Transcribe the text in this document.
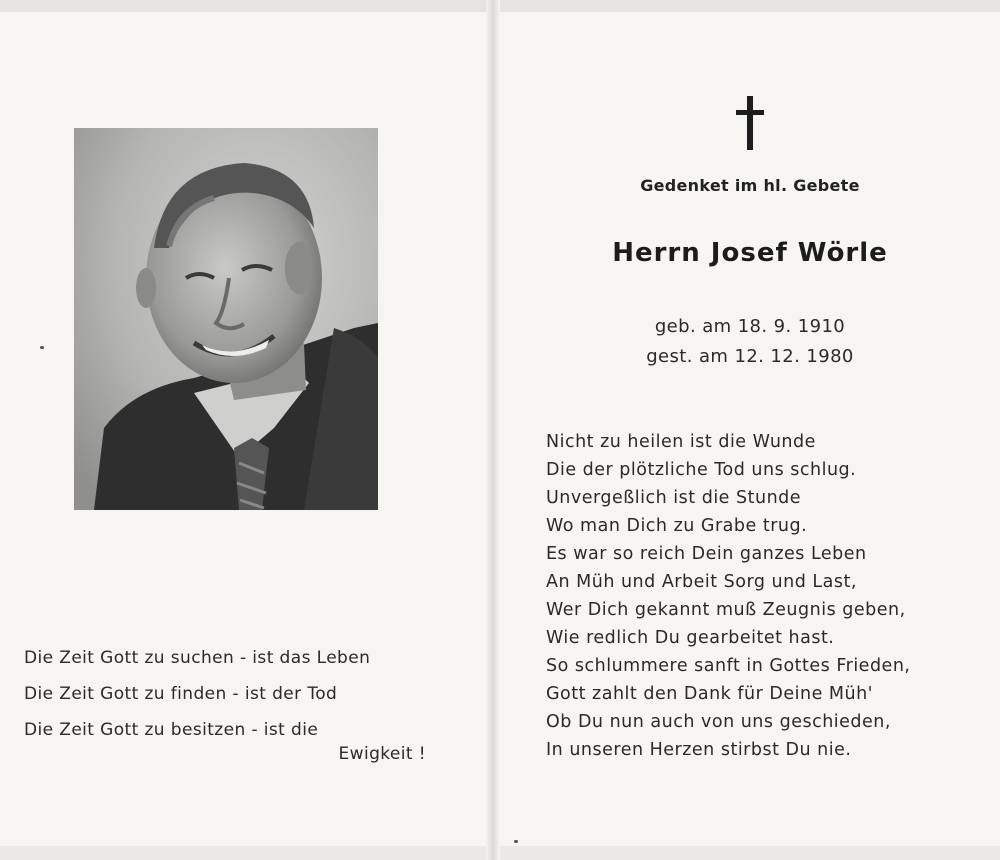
Die Zeit Gott zu suchen - ist das Leben
Die Zeit Gott zu finden - ist der Tod
Die Zeit Gott zu besitzen - ist die
Ewigkeit !
Gedenket im hl. Gebete
Herrn Josef Wörle
geb. am 18. 9. 1910
gest. am 12. 12. 1980
Nicht zu heilen ist die Wunde
Die der plötzliche Tod uns schlug.
Unvergeßlich ist die Stunde
Wo man Dich zu Grabe trug.
Es war so reich Dein ganzes Leben
An Müh und Arbeit Sorg und Last,
Wer Dich gekannt muß Zeugnis geben,
Wie redlich Du gearbeitet hast.
So schlummere sanft in Gottes Frieden,
Gott zahlt den Dank für Deine Müh'
Ob Du nun auch von uns geschieden,
In unseren Herzen stirbst Du nie.
